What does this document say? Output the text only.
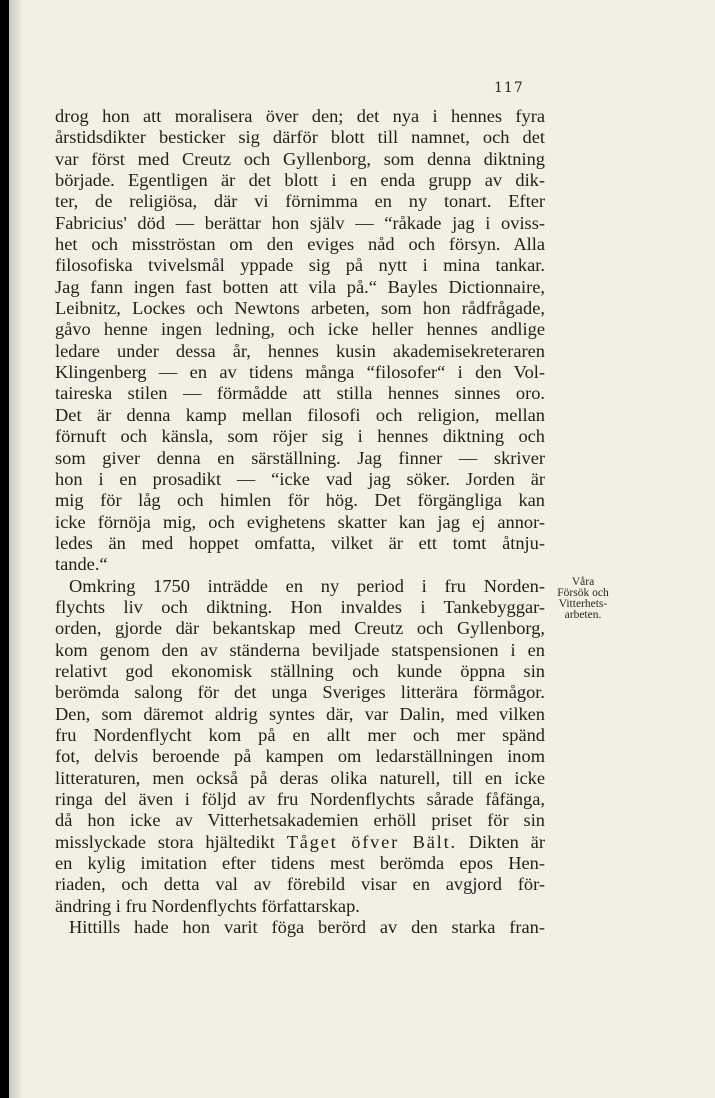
117
drog hon att moralisera över den; det nya i hennes fyra
årstidsdikter besticker sig därför blott till namnet, och det
var först med Creutz och Gyllenborg, som denna diktning
började. Egentligen är det blott i en enda grupp av dik-
ter, de religiösa, där vi förnimma en ny tonart. Efter
Fabricius' död — berättar hon själv — “råkade jag i oviss-
het och misströstan om den eviges nåd och försyn. Alla
filosofiska tvivelsmål yppade sig på nytt i mina tankar.
Jag fann ingen fast botten att vila på.“ Bayles Dictionnaire,
Leibnitz, Lockes och Newtons arbeten, som hon rådfrågade,
gåvo henne ingen ledning, och icke heller hennes andlige
ledare under dessa år, hennes kusin akademisekreteraren
Klingenberg — en av tidens många “filosofer“ i den Vol-
taireska stilen — förmådde att stilla hennes sinnes oro.
Det är denna kamp mellan filosofi och religion, mellan
förnuft och känsla, som röjer sig i hennes diktning och
som giver denna en särställning. Jag finner — skriver
hon i en prosadikt — “icke vad jag söker. Jorden är
mig för låg och himlen för hög. Det förgängliga kan
icke förnöja mig, och evighetens skatter kan jag ej annor-
ledes än med hoppet omfatta, vilket är ett tomt åtnju-
tande.“
Omkring 1750 inträdde en ny period i fru Norden-
flychts liv och diktning. Hon invaldes i Tankebyggar-
orden, gjorde där bekantskap med Creutz och Gyllenborg,
kom genom den av ständerna beviljade statspensionen i en
relativt god ekonomisk ställning och kunde öppna sin
berömda salong för det unga Sveriges litterära förmågor.
Den, som däremot aldrig syntes där, var Dalin, med vilken
fru Nordenflycht kom på en allt mer och mer spänd
fot, delvis beroende på kampen om ledarställningen inom
litteraturen, men också på deras olika naturell, till en icke
ringa del även i följd av fru Nordenflychts sårade fåfänga,
då hon icke av Vitterhetsakademien erhöll priset för sin
misslyckade stora hjältedikt Tåget öfver Bält. Dikten är
en kylig imitation efter tidens mest berömda epos Hen-
riaden, och detta val av förebild visar en avgjord för-
ändring i fru Nordenflychts författarskap.
Hittills hade hon varit föga berörd av den starka fran-
Våra
Försök och
Vitterhets-
arbeten.
